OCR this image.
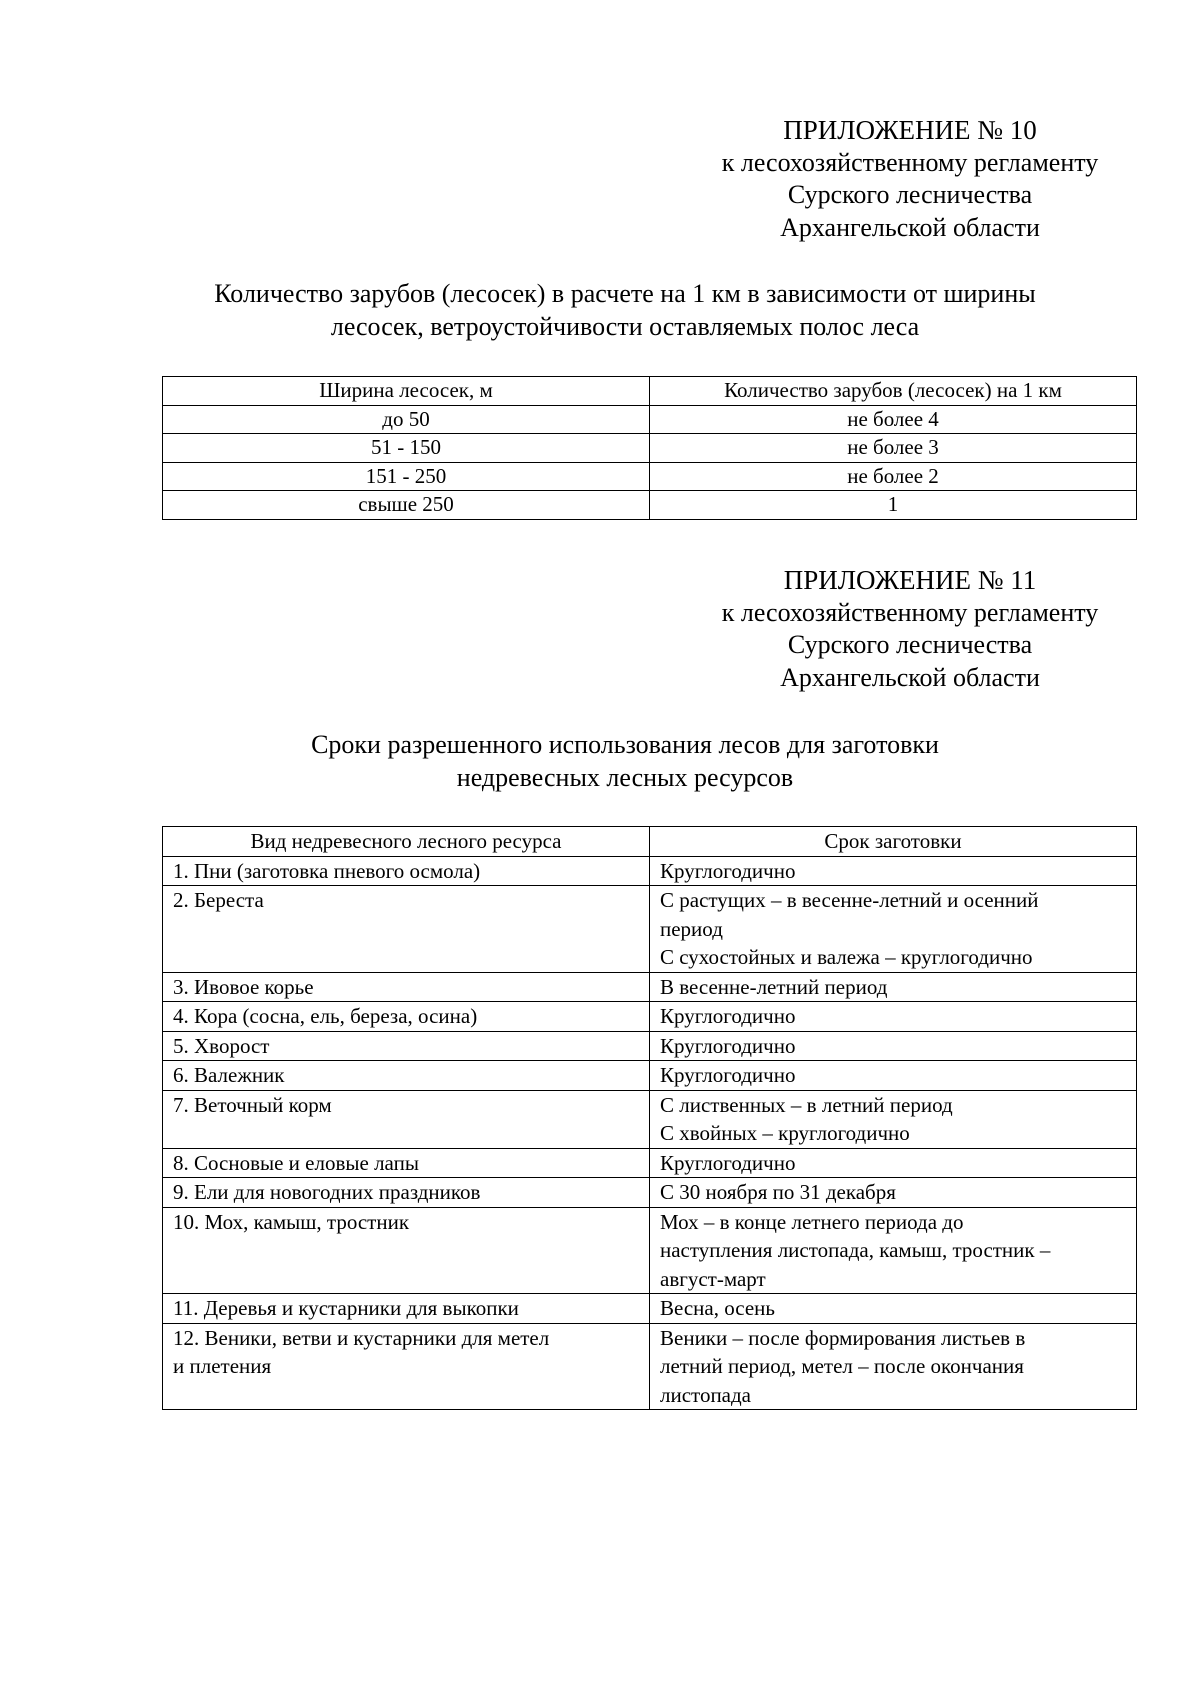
ПРИЛОЖЕНИЕ № 10
к лесохозяйственному регламенту
Сурского лесничества
Архангельской области
Количество зарубов (лесосек) в расчете на 1 км в зависимости от ширины
лесосек, ветроустойчивости оставляемых полос леса
Ширина лесосек, м	Количество зарубов (лесосек) на 1 км
до 50	не более 4
51 - 150	не более 3
151 - 250	не более 2
свыше 250	1
ПРИЛОЖЕНИЕ № 11
к лесохозяйственному регламенту
Сурского лесничества
Архангельской области
Сроки разрешенного использования лесов для заготовки
недревесных лесных ресурсов
Вид недревесного лесного ресурса	Срок заготовки

1. Пни (заготовка пневого осмола)	Круглогодично

2. Береста	С растущих – в весенне-летний и осенний
период
С сухостойных и валежа – круглогодично

3. Ивовое корье	В весенне-летний период

4. Кора (сосна, ель, береза, осина)	Круглогодично

5. Хворост	Круглогодично

6. Валежник	Круглогодично

7. Веточный корм	С лиственных – в летний период
С хвойных – круглогодично

8. Сосновые и еловые лапы	Круглогодично

9. Ели для новогодних праздников	С 30 ноября по 31 декабря

10. Мох, камыш, тростник	Мох – в конце летнего периода до
наступления листопада, камыш, тростник –
август-март

11. Деревья и кустарники для выкопки	Весна, осень

12. Веники, ветви и кустарники для метел
и плетения	Веники – после формирования листьев в
летний период, метел – после окончания
листопада
